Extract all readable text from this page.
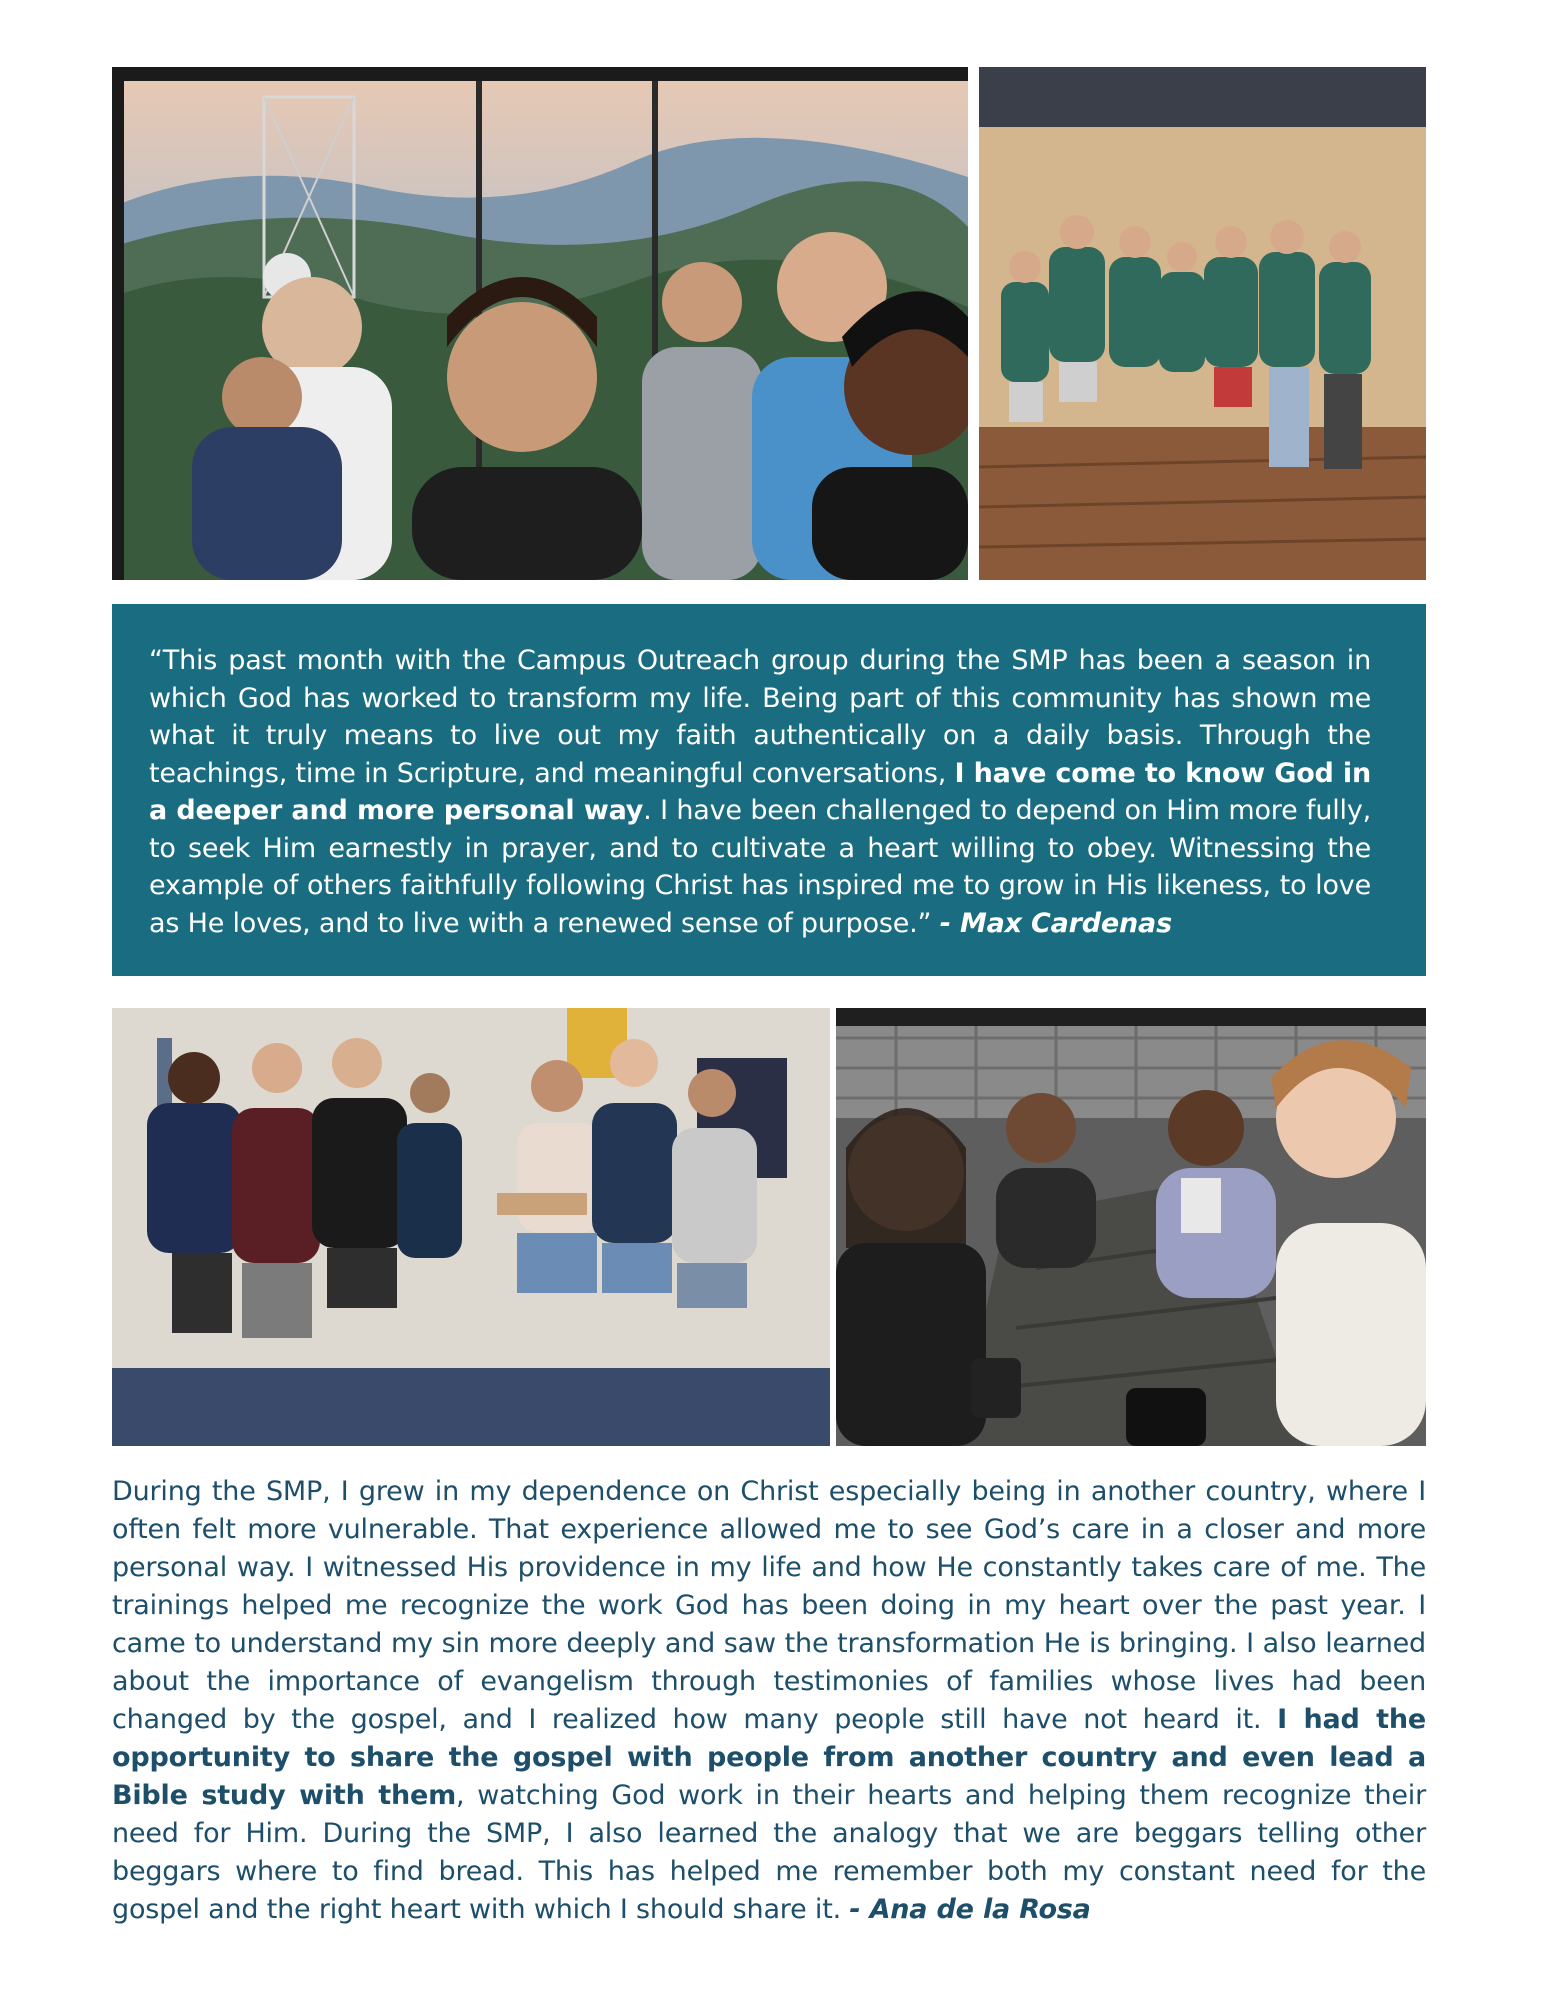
“This past month with the Campus Outreach group during the SMP has been a season in which God has worked to transform my life. Being part of this community has shown me what it truly means to live out my faith authentically on a daily basis. Through the teachings, time in Scripture, and meaningful conversations, I have come to know God in a deeper and more personal way. I have been challenged to depend on Him more fully, to seek Him earnestly in prayer, and to cultivate a heart willing to obey. Witnessing the example of others faithfully following Christ has inspired me to grow in His likeness, to love as He loves, and to live with a renewed sense of purpose.” - Max Cardenas

During the SMP, I grew in my dependence on Christ especially being in another country, where I often felt more vulnerable. That experience allowed me to see God’s care in a closer and more personal way. I witnessed His providence in my life and how He constantly takes care of me. The trainings helped me recognize the work God has been doing in my heart over the past year. I came to understand my sin more deeply and saw the transformation He is bringing. I also learned about the importance of evangelism through testimonies of families whose lives had been changed by the gospel, and I realized how many people still have not heard it. I had the opportunity to share the gospel with people from another country and even lead a Bible study with them, watching God work in their hearts and helping them recognize their need for Him. During the SMP, I also learned the analogy that we are beggars telling other beggars where to find bread. This has helped me remember both my constant need for the gospel and the right heart with which I should share it. - Ana de la Rosa
